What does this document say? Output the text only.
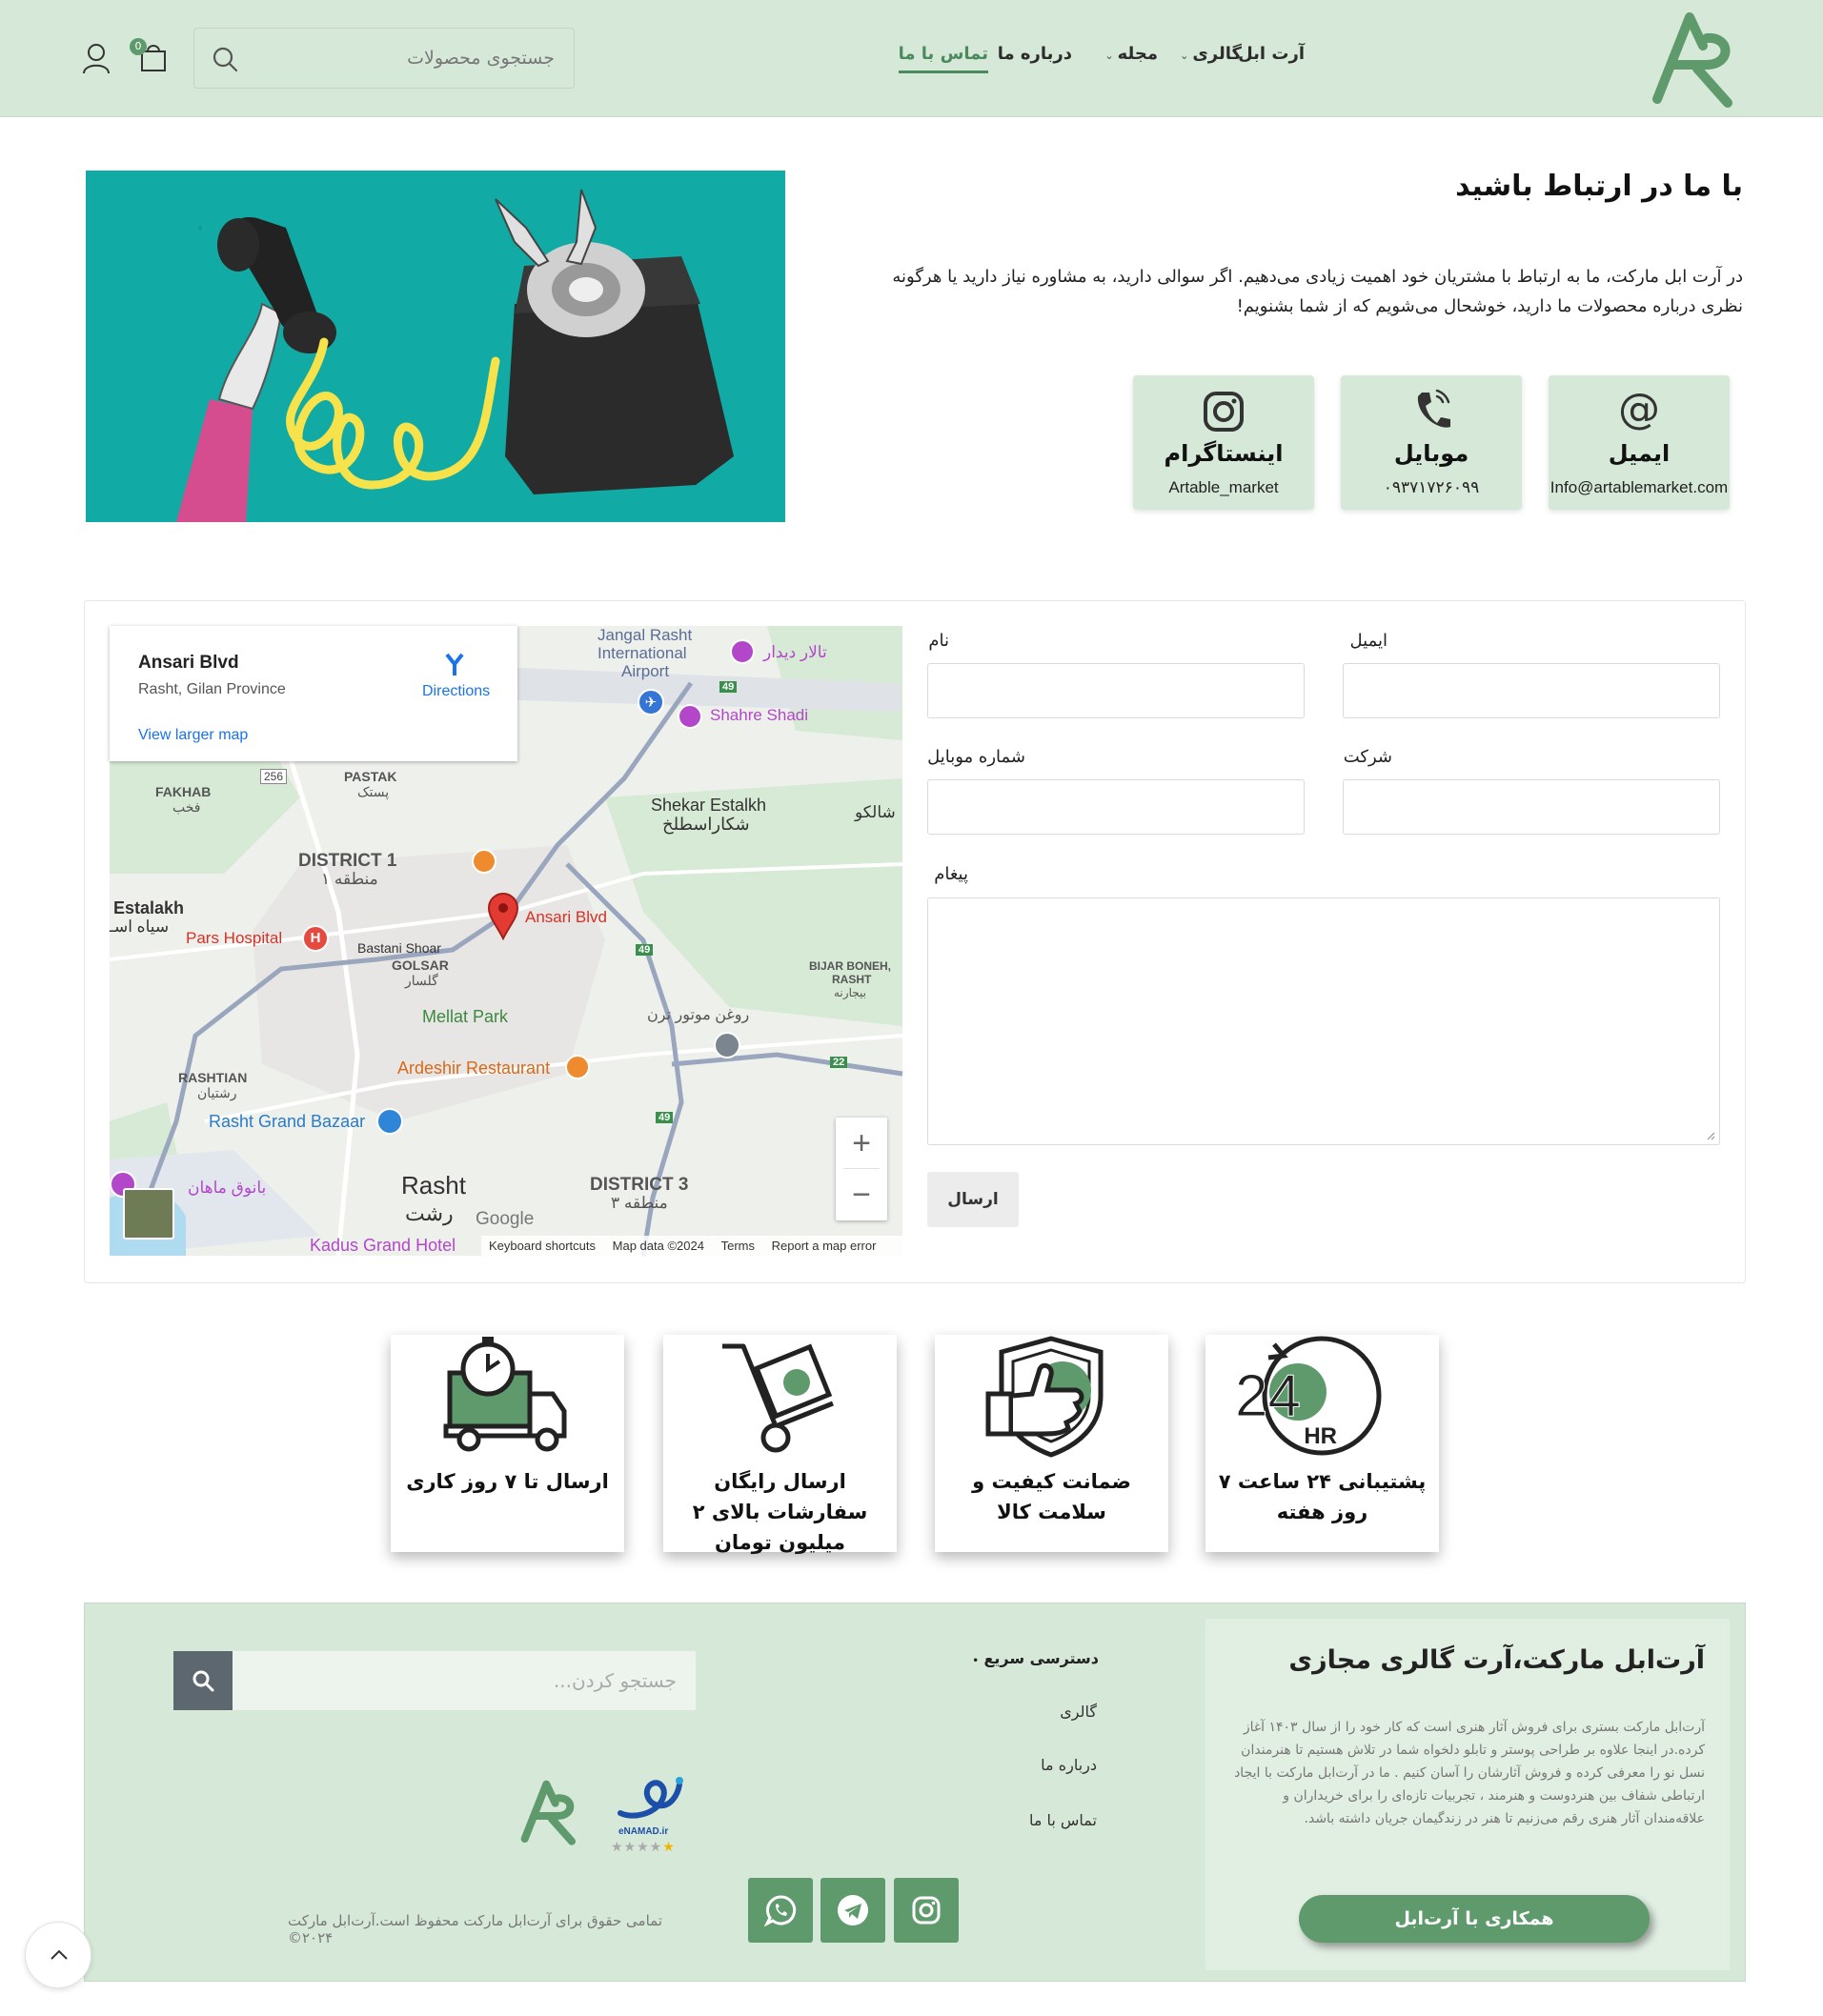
آرت ابل
گالری⌄
مجله⌄
درباره ما
تماس با ما
جستجوی محصولات
0
با ما در ارتباط باشید
در آرت ابل مارکت، ما به ارتباط با مشتریان خود اهمیت زیادی می‌دهیم. اگر سوالی دارید، به مشاوره نیاز دارید یا هرگونه
نظری درباره محصولات ما دارید، خوشحال می‌شویم که از شما بشنویم!
@
ایمیل
Info@artablemarket.com
موبایل
۰۹۳۷۱۷۲۶۰۹۹
اینستاگرام
Artable_market
ایمیل
نام
شرکت
شماره موبایل
پیغام
ارسال
Ansari Blvd
Rasht, Gilan Province
View larger map
Directions
Jangal Rasht
International
Airport
تالار دیدار
✈
Shahre Shadi
FAKHAB
فخب
256	PASTAK
پستک
Shekar Estalkh
شکاراسطلخ
شالکو
DISTRICT 1
منطقه ۱
Estalakh
سیاه اسـ
Ansari Blvd
Pars Hospital	H
Bastani Shoar
GOLSAR
گلسار
49
49
49
22
BIJAR BONEH,
RASHT
بیجارنه
Mellat Park	روغن موتور ترن
Ardeshir Restaurant
RASHTIAN
رشتیان
Rasht Grand Bazaar
Rasht
رشت
DISTRICT 3
منطقه ۳
بانوق ماهان
Kadus Grand Hotel
Google
+
−
Keyboard shortcuts Map data ©2024 Terms Report a map error
24
HR
پشتیبانی ۲۴ ساعت ۷ روز هفته
ضمانت کیفیت و سلامت کالا
ارسال رایگان سفارشات بالای ۲ میلیون تومان
ارسال تا ۷ روز کاری
آرت‌ابل مارکت،آرت گالری مجازی
آرت‌ابل مارکت بستری برای فروش آثار هنری است که کار خود را از سال ۱۴۰۳ آغاز کرده.در اینجا علاوه بر طراحی پوستر و تابلو دلخواه شما در تلاش هستیم تا هنرمندان نسل نو را معرفی کرده و فروش آثارشان را آسان کنیم . ما در آرت‌ابل مارکت با ایجاد ارتباطی شفاف بین هنردوست و هنرمند ، تجربیات تازه‌ای را برای خریداران و علاقه‌مندان آثار هنری رقم می‌زنیم تا هنر در زندگیمان جریان داشته باشد.
همکاری با آرت‌ابل
دسترسی سریع •
گالری
درباره ما
تماس با ما
eNAMAD.ir
★★★★★
جستجو کردن...
تمامی حقوق برای آرت‌ابل مارکت محفوظ است.آرت‌ابل مارکت ۲۰۲۴©
